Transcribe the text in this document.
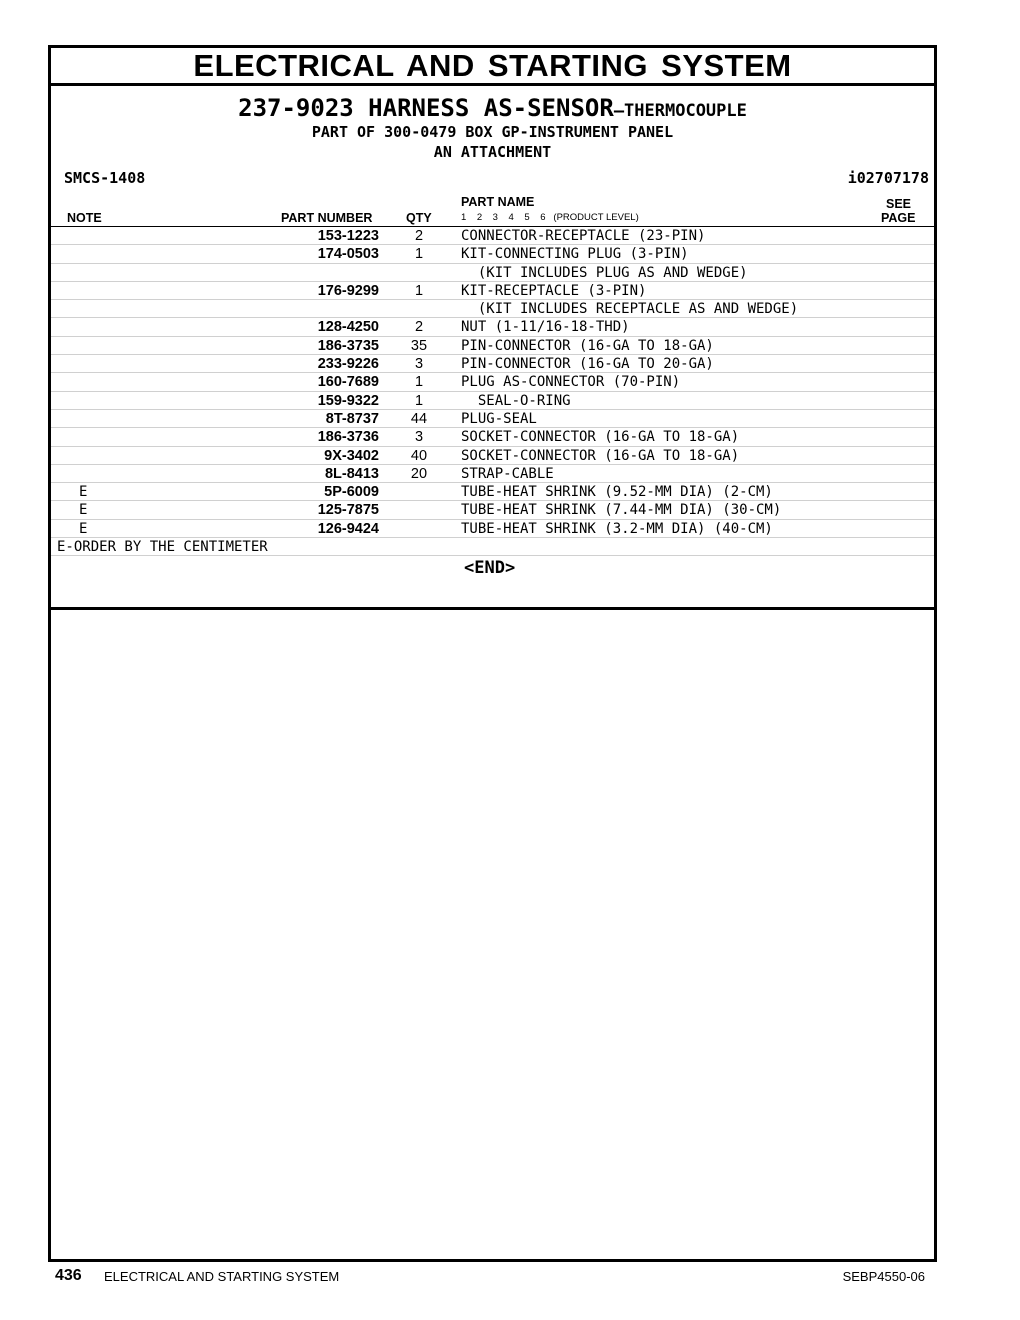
ELECTRICAL AND STARTING SYSTEM
237-9023 HARNESS AS-SENSOR—THERMOCOUPLE
PART OF 300-0479 BOX GP-INSTRUMENT PANEL
AN ATTACHMENT
SMCS-1408	i02707178
PART NAME	SEE
NOTE	PART NUMBER	QTY	1    2    3    4    5    6   (PRODUCT LEVEL)	PAGE
153-1223	2	CONNECTOR-RECEPTACLE (23-PIN)
174-0503	1	KIT-CONNECTING PLUG (3-PIN)
(KIT INCLUDES PLUG AS AND WEDGE)
176-9299	1	KIT-RECEPTACLE (3-PIN)
(KIT INCLUDES RECEPTACLE AS AND WEDGE)
128-4250	2	NUT (1-11/16-18-THD)
186-3735	35	PIN-CONNECTOR (16-GA TO 18-GA)
233-9226	3	PIN-CONNECTOR (16-GA TO 20-GA)
160-7689	1	PLUG AS-CONNECTOR (70-PIN)
159-9322	1	SEAL-O-RING
8T-8737	44	PLUG-SEAL
186-3736	3	SOCKET-CONNECTOR (16-GA TO 18-GA)
9X-3402	40	SOCKET-CONNECTOR (16-GA TO 18-GA)
8L-8413	20	STRAP-CABLE
E	5P-6009	TUBE-HEAT SHRINK (9.52-MM DIA) (2-CM)
E	125-7875	TUBE-HEAT SHRINK (7.44-MM DIA) (30-CM)
E	126-9424	TUBE-HEAT SHRINK (3.2-MM DIA) (40-CM)
E-ORDER BY THE CENTIMETER
<END>
436 ELECTRICAL AND STARTING SYSTEM	SEBP4550-06
